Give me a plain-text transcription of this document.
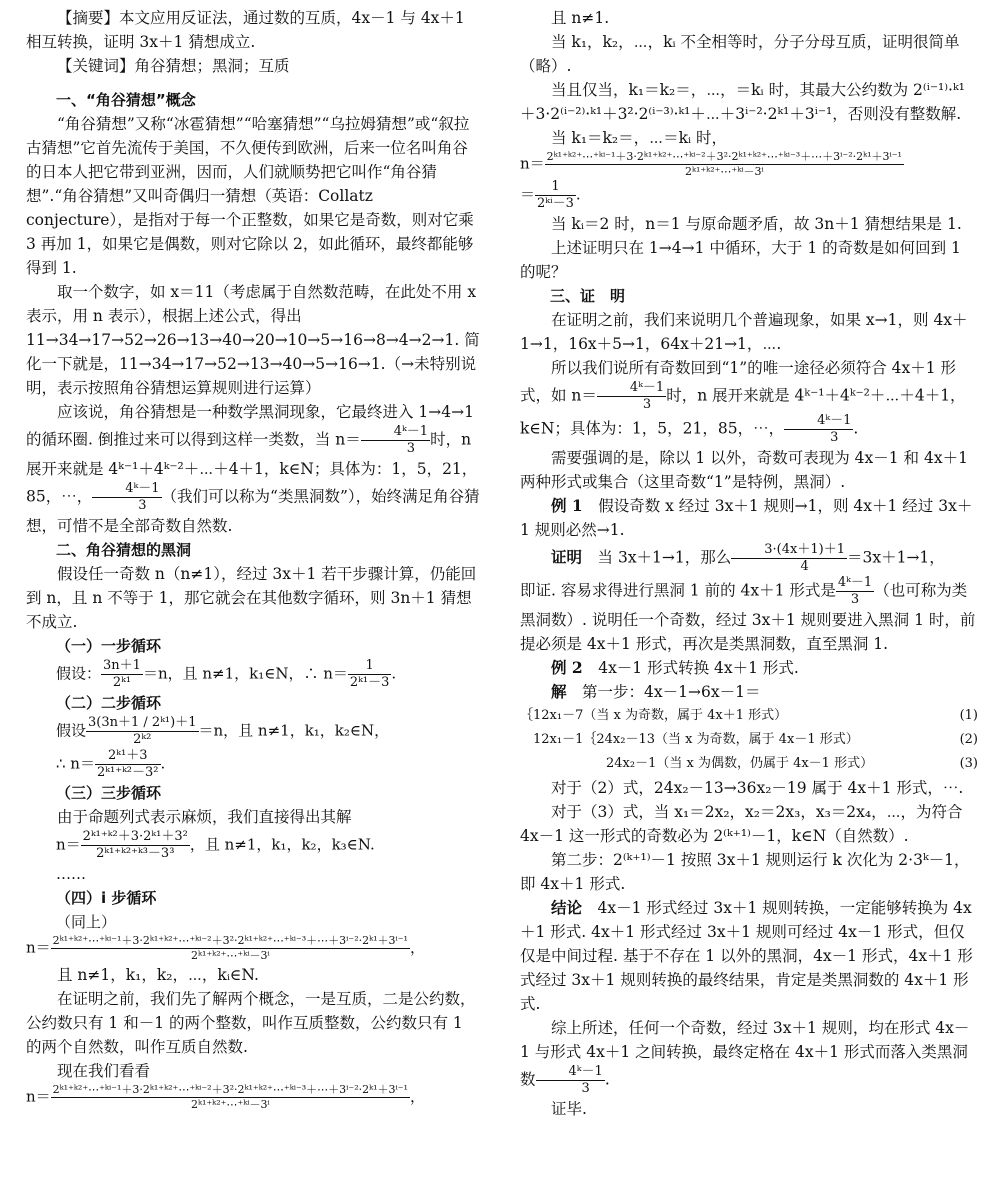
【摘要】本文应用反证法，通过数的互质，4x－1 与 4x＋1 相互转换，证明 3x＋1 猜想成立.

【关键词】角谷猜想；黑洞；互质

一、“角谷猜想”概念

“角谷猜想”又称“冰雹猜想”“哈塞猜想”“乌拉姆猜想”或“叙拉古猜想”它首先流传于美国，不久便传到欧洲，后来一位名叫角谷的日本人把它带到亚洲，因而，人们就顺势把它叫作“角谷猜想”.“角谷猜想”又叫奇偶归一猜想（英语：Collatz conjecture），是指对于每一个正整数，如果它是奇数，则对它乘 3 再加 1，如果它是偶数，则对它除以 2，如此循环，最终都能够得到 1.

取一个数字，如 x＝11（考虑属于自然数范畴，在此处不用 x 表示，用 n 表示），根据上述公式，得出 11→34→17→52→26→13→40→20→10→5→16→8→4→2→1. 简化一下就是，11→34→17→52→13→40→5→16→1.（→未特别说明，表示按照角谷猜想运算规则进行运算）

应该说，角谷猜想是一种数学黑洞现象，它最终进入 1→4→1 的循环圈. 倒推过来可以得到这样一类数，当 $n= \frac{\text{4ᵏ－1}}{3}$ 时，n 展开来就是 4ᵏ⁻¹＋4ᵏ⁻²＋⋯＋4＋1，k∈N；具体为：1，5，21，85，⋯， $\frac{\text{4ᵏ－1}}{3}$ （我们可以称为“类黑洞数”），始终满足角谷猜想，可惜不是全部奇数自然数.

二、角谷猜想的黑洞

假设任一奇数 n（n≠1），经过 3x＋1 若干步骤计算，仍能回到 n，且 n 不等于 1，那它就会在其他数字循环，则 3n＋1 猜想不成立.

（一）一步循环
假设： $\frac{3n+1}{\text{2ᵏ¹}} =n$，且 n≠1，k₁∈N，∴ $n= \frac{1}{\text{2ᵏ¹－3}}$ .
（二）二步循环
假设 $\frac{\text{3(3n＋1 / 2ᵏ¹)＋1}}{\text{2ᵏ²}} =n$，且 n≠1，k₁，k₂∈N，
∴ $n= \frac{\text{2ᵏ¹＋3}}{\text{2ᵏ¹⁺ᵏ²－3²}}$ .
（三）三步循环

由于命题列式表示麻烦，我们直接得出其解

$n= \frac{\text{2ᵏ¹⁺ᵏ²＋3·2ᵏ¹＋3²}}{\text{2ᵏ¹⁺ᵏ²⁺ᵏ³－3³}}$ ，且 n≠1，k₁，k₂，k₃∈N.
……
（四）i 步循环
（同上）
n＝ 2ᵏ¹⁺ᵏ²⁺⋯⁺ᵏⁱ⁻¹＋3·2ᵏ¹⁺ᵏ²⁺⋯⁺ᵏⁱ⁻²＋3²·2ᵏ¹⁺ᵏ²⁺⋯⁺ᵏⁱ⁻³＋⋯＋3ⁱ⁻²·2ᵏ¹＋3ⁱ⁻¹
2ᵏ¹⁺ᵏ²⁺⋯⁺ᵏⁱ－3ⁱ	，

且 n≠1，k₁，k₂，⋯，kᵢ∈N.

在证明之前，我们先了解两个概念，一是互质，二是公约数，公约数只有 1 和－1 的两个整数，叫作互质整数，公约数只有 1 的两个自然数，叫作互质自然数.

现在我们看看

n＝ 2ᵏ¹⁺ᵏ²⁺⋯⁺ᵏⁱ⁻¹＋3·2ᵏ¹⁺ᵏ²⁺⋯⁺ᵏⁱ⁻²＋3²·2ᵏ¹⁺ᵏ²⁺⋯⁺ᵏⁱ⁻³＋⋯＋3ⁱ⁻²·2ᵏ¹＋3ⁱ⁻¹
2ᵏ¹⁺ᵏ²⁺⋯⁺ᵏⁱ－3ⁱ	，

且 n≠1.

当 k₁，k₂，⋯，kᵢ 不全相等时，分子分母互质，证明很简单（略）.

当且仅当，k₁＝k₂＝，⋯，＝kᵢ 时，其最大公约数为 2⁽ⁱ⁻¹⁾·ᵏ¹＋3·2⁽ⁱ⁻²⁾·ᵏ¹＋3²·2⁽ⁱ⁻³⁾·ᵏ¹＋⋯＋3ⁱ⁻²·2ᵏ¹＋3ⁱ⁻¹，否则没有整数解.

当 k₁＝k₂＝，⋯＝kᵢ 时，

n＝ 2ᵏ¹⁺ᵏ²⁺⋯⁺ᵏⁱ⁻¹＋3·2ᵏ¹⁺ᵏ²⁺⋯⁺ᵏⁱ⁻²＋3²·2ᵏ¹⁺ᵏ²⁺⋯⁺ᵏⁱ⁻³＋⋯＋3ⁱ⁻²·2ᵏ¹＋3ⁱ⁻¹
2ᵏ¹⁺ᵏ²⁺⋯⁺ᵏⁱ－3ⁱ
＝ $\frac{1}{\text{2ᵏⁱ－3}}$ .

当 kᵢ＝2 时，n＝1 与原命题矛盾，故 3n＋1 猜想结果是 1.

上述证明只在 1→4→1 中循环，大于 1 的奇数是如何回到 1 的呢？

三、证　明

在证明之前，我们来说明几个普遍现象，如果 x→1，则 4x＋1→1，16x＋5→1，64x＋21→1，⋯.

所以我们说所有奇数回到“1”的唯一途径必须符合 4x＋1 形式，如 $n= \frac{\text{4ᵏ－1}}{3}$ 时，n 展开来就是 4ᵏ⁻¹＋4ᵏ⁻²＋⋯＋4＋1，k∈N；具体为：1，5，21，85，⋯， $\frac{\text{4ᵏ－1}}{3}$ .

需要强调的是，除以 1 以外，奇数可表现为 4x－1 和 4x＋1 两种形式或集合（这里奇数“1”是特例，黑洞）.

例 1　 假设奇数 x 经过 3x＋1 规则→1，则 4x＋1 经过 3x＋1 规则必然→1.

证明　 当 3x＋1→1，那么 $\frac{3\cdot(4x+1)+1}{4} =3x+1\to 1$，

即证. 容易求得进行黑洞 1 前的 4x＋1 形式是 $\frac{\text{4ᵏ－1}}{3}$ （也可称为类黑洞数）. 说明任一个奇数，经过 3x＋1 规则要进入黑洞 1 时，前提必须是 4x＋1 形式，再次是类黑洞数，直至黑洞 1.

例 2　 4x－1 形式转换 4x＋1 形式.

解　 第一步：4x－1→6x－1＝

(1)
｛12x₁－7（当 x 为奇数，属于 4x＋1 形式）
(2)
　12x₁－1｛24x₂－13（当 x 为奇数，属于 4x－1 形式）
(3)
24x₂－1（当 x 为偶数，仍属于 4x－1 形式）

对于（2）式，24x₂－13→36x₂－19 属于 4x＋1 形式，⋯.

对于（3）式，当 x₁＝2x₂，x₂＝2x₃，x₃＝2x₄，⋯，为符合 4x－1 这一形式的奇数必为 2⁽ᵏ⁺¹⁾－1，k∈N（自然数）.

第二步：2⁽ᵏ⁺¹⁾－1 按照 3x＋1 规则运行 k 次化为 2·3ᵏ－1，即 4x＋1 形式.

结论　 4x－1 形式经过 3x＋1 规则转换，一定能够转换为 4x＋1 形式. 4x＋1 形式经过 3x＋1 规则可经过 4x－1 形式，但仅仅是中间过程. 基于不存在 1 以外的黑洞，4x－1 形式，4x＋1 形式经过 3x＋1 规则转换的最终结果，肯定是类黑洞数的 4x＋1 形式.

综上所述，任何一个奇数，经过 3x＋1 规则，均在形式 4x－1 与形式 4x＋1 之间转换，最终定格在 4x＋1 形式而落入类黑洞数 $\frac{\text{4ᵏ－1}}{3}$ .

证毕.
